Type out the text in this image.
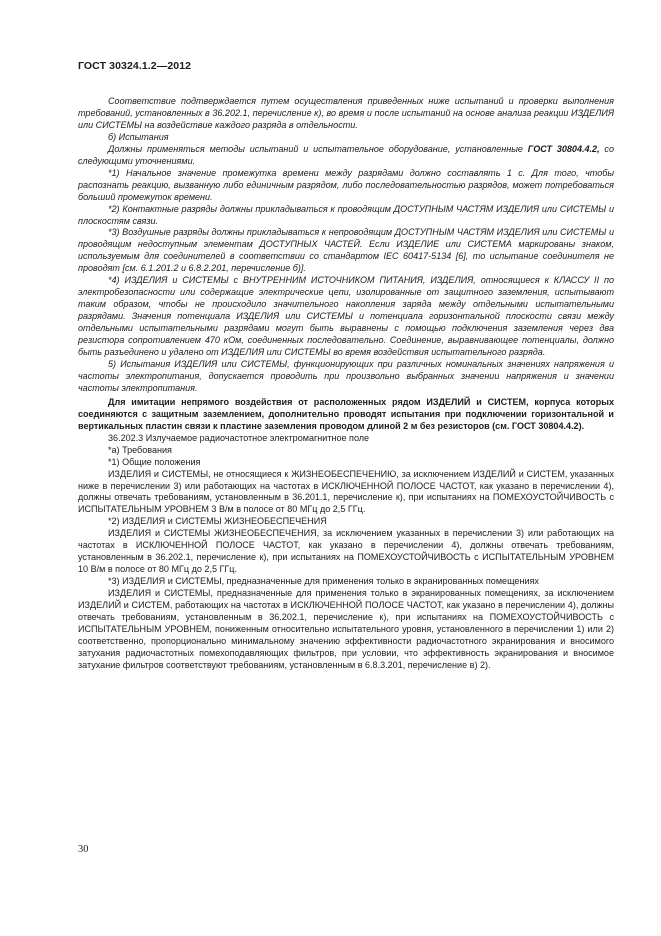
ГОСТ 30324.1.2—2012

Соответствие подтверждается путем осуществления приведенных ниже испытаний и проверки выполнения требований, установленных в 36.202.1, перечисление к), во время и после испытаний на основе анализа реакции ИЗДЕЛИЯ или СИСТЕМЫ на воздействие каждого разряда в отдельности.

б) Испытания

Должны применяться методы испытаний и испытательное оборудование, установленные ГОСТ 30804.4.2, со следующими уточнениями.

*1) Начальное значение промежутка времени между разрядами должно составлять 1 с. Для того, чтобы распознать реакцию, вызванную либо единичным разрядом, либо последовательностью разрядов, может потребоваться больший промежуток времени.

*2) Контактные разряды должны прикладываться к проводящим ДОСТУПНЫМ ЧАСТЯМ ИЗДЕЛИЯ или СИСТЕМЫ и плоскостям связи.

*3) Воздушные разряды должны прикладываться к непроводящим ДОСТУПНЫМ ЧАСТЯМ ИЗДЕЛИЯ или СИСТЕМЫ и проводящим недоступным элементам ДОСТУПНЫХ ЧАСТЕЙ. Если ИЗДЕЛИЕ или СИСТЕМА маркированы знаком, используемым для соединителей в соответствии со стандартом IEC 60417-5134 [6], то испытание соединителя не проводят [см. 6.1.201.2 и 6.8.2.201, перечисление б)].

*4) ИЗДЕЛИЯ и СИСТЕМЫ с ВНУТРЕННИМ ИСТОЧНИКОМ ПИТАНИЯ, ИЗДЕЛИЯ, относящиеся к КЛАССУ II по электробезопасности или содержащие электрические цепи, изолированные от защитного заземления, испытывают таким образом, чтобы не происходило значительного накопления заряда между отдельными испытательными разрядами. Значения потенциала ИЗДЕЛИЯ или СИСТЕМЫ и потенциала горизонтальной плоскости связи между отдельными испытательными разрядами могут быть выравнены с помощью подключения заземления через два резистора сопротивлением 470 кОм, соединенных последовательно. Соединение, выравнивающее потенциалы, должно быть разъединено и удалено от ИЗДЕЛИЯ или СИСТЕМЫ во время воздействия испытательного разряда.

5) Испытания ИЗДЕЛИЯ или СИСТЕМЫ, функционирующих при различных номинальных значениях напряжения и частоты электропитания, допускается проводить при произвольно выбранных значении напряжения и значении частоты электропитания.

Для имитации непрямого воздействия от расположенных рядом ИЗДЕЛИЙ и СИСТЕМ, корпуса которых соединяются с защитным заземлением, дополнительно проводят испытания при подключении горизонтальной и вертикальных пластин связи к пластине заземления проводом длиной 2 м без резисторов (см. ГОСТ 30804.4.2).

36.202.3 Излучаемое радиочастотное электромагнитное поле

*а) Требования

*1) Общие положения

ИЗДЕЛИЯ и СИСТЕМЫ, не относящиеся к ЖИЗНЕОБЕСПЕЧЕНИЮ, за исключением ИЗДЕЛИЙ и СИСТЕМ, указанных ниже в перечислении 3) или работающих на частотах в ИСКЛЮЧЕННОЙ ПОЛОСЕ ЧАСТОТ, как указано в перечислении 4), должны отвечать требованиям, установленным в 36.201.1, перечисление к), при испытаниях на ПОМЕХОУСТОЙЧИВОСТЬ с ИСПЫТАТЕЛЬНЫМ УРОВНЕМ 3 В/м в полосе от 80 МГц до 2,5 ГГц.

*2) ИЗДЕЛИЯ и СИСТЕМЫ ЖИЗНЕОБЕСПЕЧЕНИЯ

ИЗДЕЛИЯ и СИСТЕМЫ ЖИЗНЕОБЕСПЕЧЕНИЯ, за исключением указанных в перечислении 3) или работающих на частотах в ИСКЛЮЧЕННОЙ ПОЛОСЕ ЧАСТОТ, как указано в перечислении 4), должны отвечать требованиям, установленным в 36.202.1, перечисление к), при испытаниях на ПОМЕХОУСТОЙЧИВОСТЬ с ИСПЫТАТЕЛЬНЫМ УРОВНЕМ 10 В/м в полосе от 80 МГц до 2,5 ГГц.

*3) ИЗДЕЛИЯ и СИСТЕМЫ, предназначенные для применения только в экранированных помещениях

ИЗДЕЛИЯ и СИСТЕМЫ, предназначенные для применения только в экранированных помещениях, за исключением ИЗДЕЛИЙ и СИСТЕМ, работающих на частотах в ИСКЛЮЧЕННОЙ ПОЛОСЕ ЧАСТОТ, как указано в перечислении 4), должны отвечать требованиям, установленным в 36.202.1, перечисление к), при испытаниях на ПОМЕХОУСТОЙЧИВОСТЬ с ИСПЫТАТЕЛЬНЫМ УРОВНЕМ, пониженным относительно испытательного уровня, установленного в перечислении 1) или 2) соответственно, пропорционально минимальному значению эффективности радиочастотного экранирования и вносимого затухания радиочастотных помехоподавляющих фильтров, при условии, что эффективность экранирования и вносимое затухание фильтров соответствуют требованиям, установленным в 6.8.3.201, перечисление в) 2).

30
